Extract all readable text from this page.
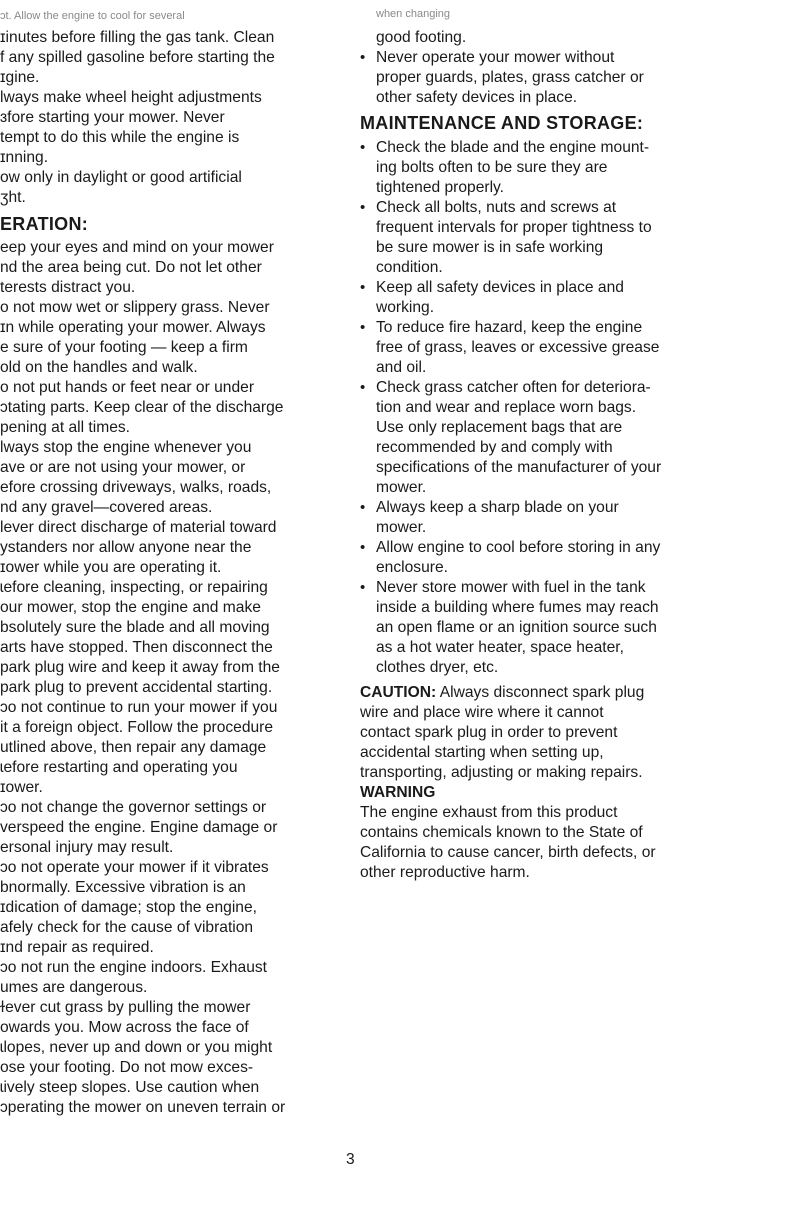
ɔt. Allow the engine to cool for several
ɪinutes before filling the gas tank. Clean
f any spilled gasoline before starting the
ɪgine.
lways make wheel height adjustments
ɜfore starting your mower. Never
tempt to do this while the engine is
ɪnning.
ow only in daylight or good artificial
ʒht.
ERATION:
eep your eyes and mind on your mower
nd the area being cut. Do not let other
terests distract you.
o not mow wet or slippery grass. Never
ɪn while operating your mower. Always
e sure of your footing — keep a firm
old on the handles and walk.
o not put hands or feet near or under
ɔtating parts. Keep clear of the discharge
pening at all times.
lways stop the engine whenever you
ave or are not using your mower, or
efore crossing driveways, walks, roads,
nd any gravel—covered areas.
lever direct discharge of material toward
ystanders nor allow anyone near the
ɪower while you are operating it.
ɩefore cleaning, inspecting, or repairing
our mower, stop the engine and make
bsolutely sure the blade and all moving
arts have stopped. Then disconnect the
park plug wire and keep it away from the
park plug to prevent accidental starting.
ɔo not continue to run your mower if you
it a foreign object. Follow the procedure
utlined above, then repair any damage
ɩefore restarting and operating you
ɪower.
ɔo not change the governor settings or
verspeed the engine. Engine damage or
ersonal injury may result.
ɔo not operate your mower if it vibrates
bnormally. Excessive vibration is an
ɪdication of damage; stop the engine,
afely check for the cause of vibration
ɪnd repair as required.
ɔo not run the engine indoors. Exhaust
umes are dangerous.
ɫever cut grass by pulling the mower
owards you. Mow across the face of
ɩlopes, never up and down or you might
ose your footing. Do not mow exces-
ɩively steep slopes. Use caution when
ɔperating the mower on uneven terrain or
when changing
good footing.
• Never operate your mower without
proper guards, plates, grass catcher or
other safety devices in place.
MAINTENANCE AND STORAGE:
• Check the blade and the engine mount-
ing bolts often to be sure they are
tightened properly.
• Check all bolts, nuts and screws at
frequent intervals for proper tightness to
be sure mower is in safe working
condition.
• Keep all safety devices in place and
working.
• To reduce fire hazard, keep the engine
free of grass, leaves or excessive grease
and oil.
• Check grass catcher often for deteriora-
tion and wear and replace worn bags.
Use only replacement bags that are
recommended by and comply with
specifications of the manufacturer of your
mower.
• Always keep a sharp blade on your
mower.
• Allow engine to cool before storing in any
enclosure.
• Never store mower with fuel in the tank
inside a building where fumes may reach
an open flame or an ignition source such
as a hot water heater, space heater,
clothes dryer, etc.
CAUTION: Always disconnect spark plug
wire and place wire where it cannot
contact spark plug in order to prevent
accidental starting when setting up,
transporting, adjusting or making repairs.
WARNING
The engine exhaust from this product
contains chemicals known to the State of
California to cause cancer, birth defects, or
other reproductive harm.
3
